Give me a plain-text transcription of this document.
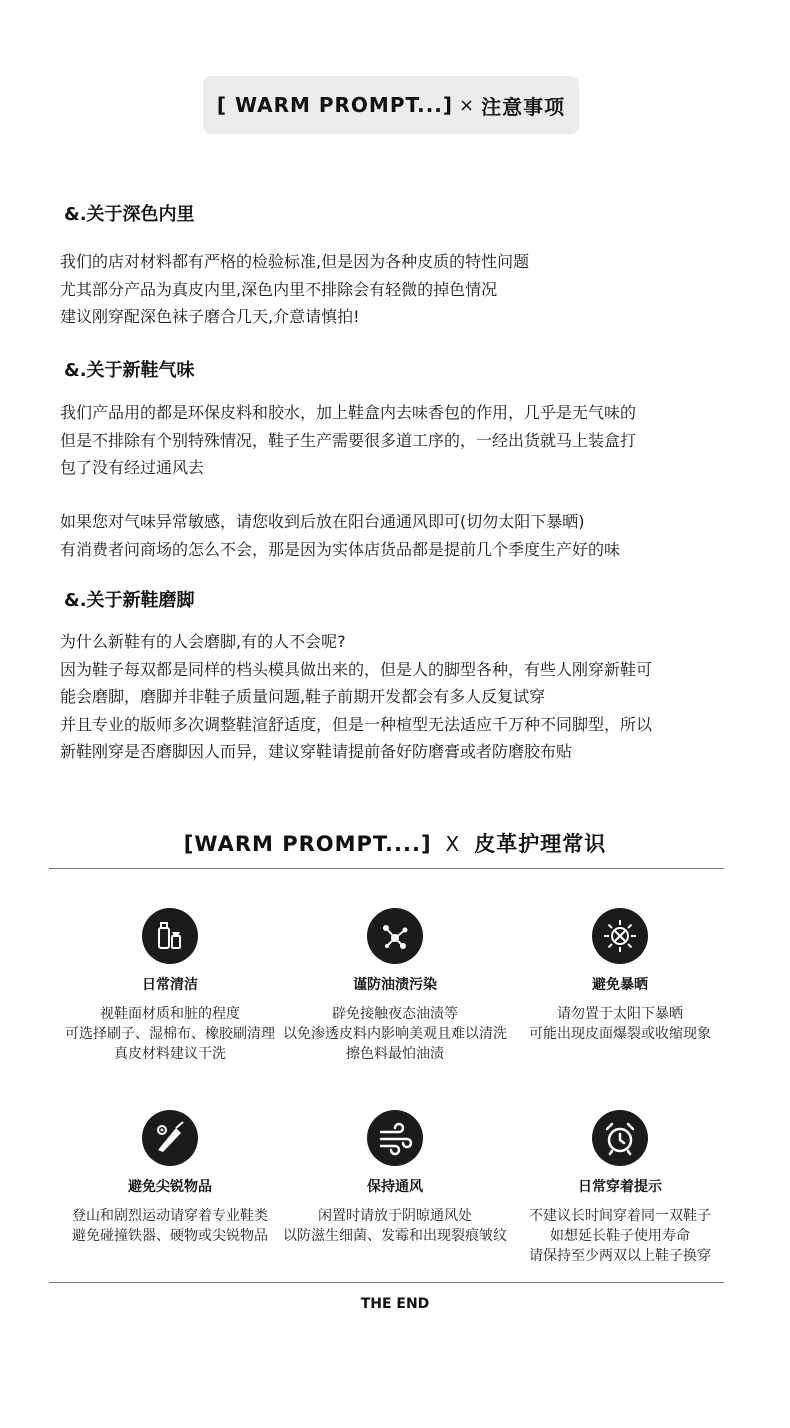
[ WARM PROMPT...] × 注意事项
&.关于深色内里
我们的店对材料都有严格的检验标准,但是因为各种皮质的特性问题
尤其部分产品为真皮内里,深色内里不排除会有轻微的掉色情况
建议刚穿配深色袜子磨合几天,介意请慎拍!
&.关于新鞋气味
我们产品用的都是环保皮料和胶水，加上鞋盒内去味香包的作用，几乎是无气味的
但是不排除有个别特殊情况，鞋子生产需要很多道工序的，一经出货就马上装盒打
包了没有经过通风去
如果您对气味异常敏感，请您收到后放在阳台通通风即可(切勿太阳下暴晒)
有消费者问商场的怎么不会，那是因为实体店货品都是提前几个季度生产好的味
&.关于新鞋磨脚
为什么新鞋有的人会磨脚,有的人不会呢?
因为鞋子每双都是同样的档头模具做出来的，但是人的脚型各种，有些人刚穿新鞋可
能会磨脚，磨脚并非鞋子质量问题,鞋子前期开发都会有多人反复试穿
并且专业的版师多次调整鞋渲舒适度，但是一种楦型无法适应千万种不同脚型，所以
新鞋刚穿是否磨脚因人而异，建议穿鞋请提前备好防磨膏或者防磨胶布贴
[WARM PROMPT....] X 皮革护理常识
日常清洁
视鞋面材质和脏的程度
可选择刷子、湿棉布、橡胶刷清理
真皮材料建议干洗
谨防油渍污染
辟免接触夜态油渍等
以免渗透皮料内影响美观且难以清洗
擦色料最怕油渍
避免暴晒
请勿置于太阳下暴晒
可能出现皮面爆裂或收缩现象
避免尖锐物品
登山和剧烈运动请穿着专业鞋类
避免碰撞铁器、硬物或尖锐物品
保持通风
闲置时请放于阴晾通风处
以防滋生细菌、发霉和出现裂痕皱纹
日常穿着提示
不建议长时间穿着同一双鞋子
如想延长鞋子使用寿命
请保持至少两双以上鞋子换穿
THE END
